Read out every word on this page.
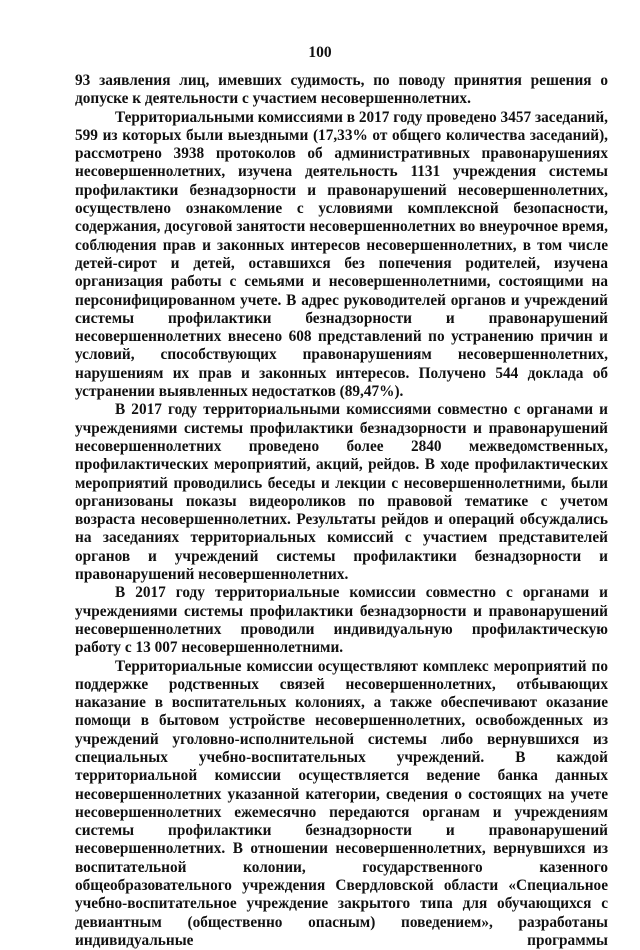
100

93 заявления лиц, имевших судимость, по поводу принятия решения о допуске к деятельности с участием несовершеннолетних.

Территориальными комиссиями в 2017 году проведено 3457 заседаний, 599 из которых были выездными (17,33% от общего количества заседаний), рассмотрено 3938 протоколов об административных правонарушениях несовершеннолетних, изучена деятельность 1131 учреждения системы профилактики безнадзорности и правонарушений несовершеннолетних, осуществлено ознакомление с условиями комплексной безопасности, содержания, досуговой занятости несовершеннолетних во внеурочное время, соблюдения прав и законных интересов несовершеннолетних, в том числе детей-сирот и детей, оставшихся без попечения родителей, изучена организация работы с семьями и несовершеннолетними, состоящими на персонифицированном учете. В адрес руководителей органов и учреждений системы профилактики безнадзорности и правонарушений несовершеннолетних внесено 608 представлений по устранению причин и условий, способствующих правонарушениям несовершеннолетних, нарушениям их прав и законных интересов. Получено 544 доклада об устранении выявленных недостатков (89,47%).

В 2017 году территориальными комиссиями совместно с органами и учреждениями системы профилактики безнадзорности и правонарушений несовершеннолетних проведено более 2840 межведомственных, профилактических мероприятий, акций, рейдов. В ходе профилактических мероприятий проводились беседы и лекции с несовершеннолетними, были организованы показы видеороликов по правовой тематике с учетом возраста несовершеннолетних. Результаты рейдов и операций обсуждались на заседаниях территориальных комиссий с участием представителей органов и учреждений системы профилактики безнадзорности и правонарушений несовершеннолетних.

В 2017 году территориальные комиссии совместно с органами и учреждениями системы профилактики безнадзорности и правонарушений несовершеннолетних проводили индивидуальную профилактическую работу с 13 007 несовершеннолетними.

Территориальные комиссии осуществляют комплекс мероприятий по поддержке родственных связей несовершеннолетних, отбывающих наказание в воспитательных колониях, а также обеспечивают оказание помощи в бытовом устройстве несовершеннолетних, освобожденных из учреждений уголовно-исполнительной системы либо вернувшихся из специальных учебно-воспитательных учреждений. В каждой территориальной комиссии осуществляется ведение банка данных несовершеннолетних указанной категории, сведения о состоящих на учете несовершеннолетних ежемесячно передаются органам и учреждениям системы профилактики безнадзорности и правонарушений несовершеннолетних. В отношении несовершеннолетних, вернувшихся из воспитательной колонии, государственного казенного общеобразовательного учреждения Свердловской области «Специальное учебно-воспитательное учреждение закрытого типа для обучающихся с девиантным (общественно опасным) поведением», разработаны индивидуальные программы
